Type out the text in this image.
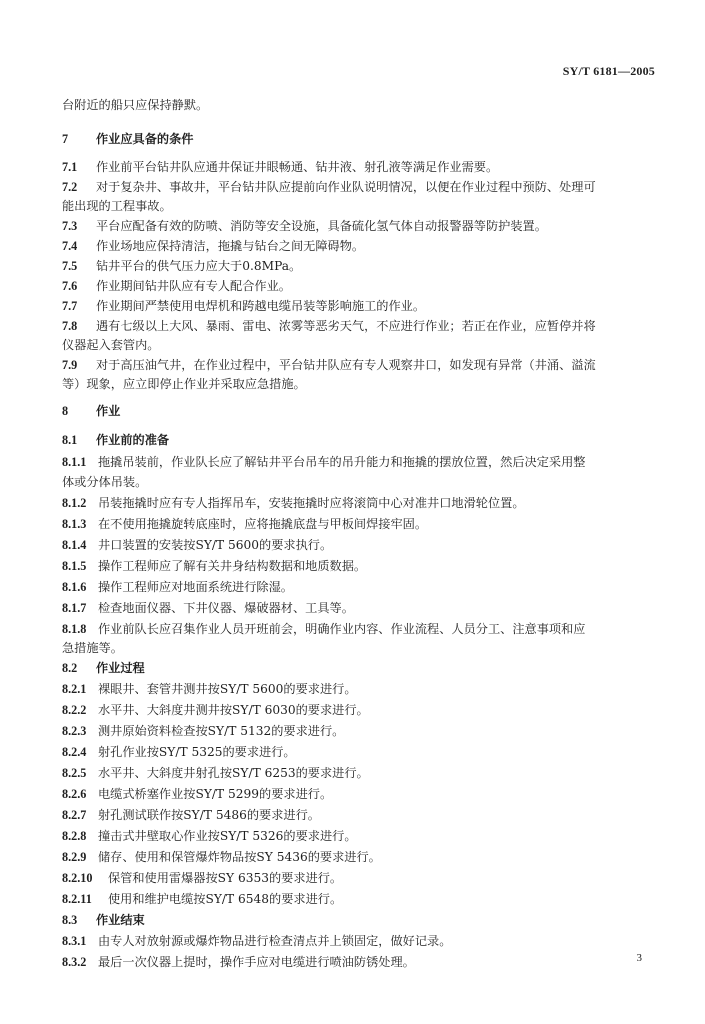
SY/T 6181—2005
台附近的船只应保持静默。
7 作业应具备的条件
7.1 作业前平台钻井队应通井保证井眼畅通、钻井液、射孔液等满足作业需要。
7.2 对于复杂井、事故井，平台钻井队应提前向作业队说明情况，以便在作业过程中预防、处理可
能出现的工程事故。
7.3 平台应配备有效的防喷、消防等安全设施，具备硫化氢气体自动报警器等防护装置。
7.4 作业场地应保持清洁，拖撬与钻台之间无障碍物。
7.5 钻井平台的供气压力应大于0.8MPa。
7.6 作业期间钻井队应有专人配合作业。
7.7 作业期间严禁使用电焊机和跨越电缆吊装等影响施工的作业。
7.8 遇有七级以上大风、暴雨、雷电、浓雾等恶劣天气，不应进行作业；若正在作业，应暂停并将
仪器起入套管内。
7.9 对于高压油气井，在作业过程中，平台钻井队应有专人观察井口，如发现有异常（井涌、溢流
等）现象，应立即停止作业并采取应急措施。
8 作业
8.1 作业前的准备
8.1.1 拖撬吊装前，作业队长应了解钻井平台吊车的吊升能力和拖撬的摆放位置，然后决定采用整
体或分体吊装。
8.1.2 吊装拖撬时应有专人指挥吊车，安装拖撬时应将滚筒中心对准井口地滑轮位置。
8.1.3 在不使用拖撬旋转底座时，应将拖撬底盘与甲板间焊接牢固。
8.1.4 井口装置的安装按SY/T 5600的要求执行。
8.1.5 操作工程师应了解有关井身结构数据和地质数据。
8.1.6 操作工程师应对地面系统进行除湿。
8.1.7 检查地面仪器、下井仪器、爆破器材、工具等。
8.1.8 作业前队长应召集作业人员开班前会，明确作业内容、作业流程、人员分工、注意事项和应
急措施等。
8.2 作业过程
8.2.1 裸眼井、套管井测井按SY/T 5600的要求进行。
8.2.2 水平井、大斜度井测井按SY/T 6030的要求进行。
8.2.3 测井原始资料检查按SY/T 5132的要求进行。
8.2.4 射孔作业按SY/T 5325的要求进行。
8.2.5 水平井、大斜度井射孔按SY/T 6253的要求进行。
8.2.6 电缆式桥塞作业按SY/T 5299的要求进行。
8.2.7 射孔测试联作按SY/T 5486的要求进行。
8.2.8 撞击式井壁取心作业按SY/T 5326的要求进行。
8.2.9 储存、使用和保管爆炸物品按SY 5436的要求进行。
8.2.10 保管和使用雷爆器按SY 6353的要求进行。
8.2.11 使用和维护电缆按SY/T 6548的要求进行。
8.3 作业结束
8.3.1 由专人对放射源或爆炸物品进行检查清点并上锁固定，做好记录。
8.3.2 最后一次仪器上提时，操作手应对电缆进行喷油防锈处理。	3
